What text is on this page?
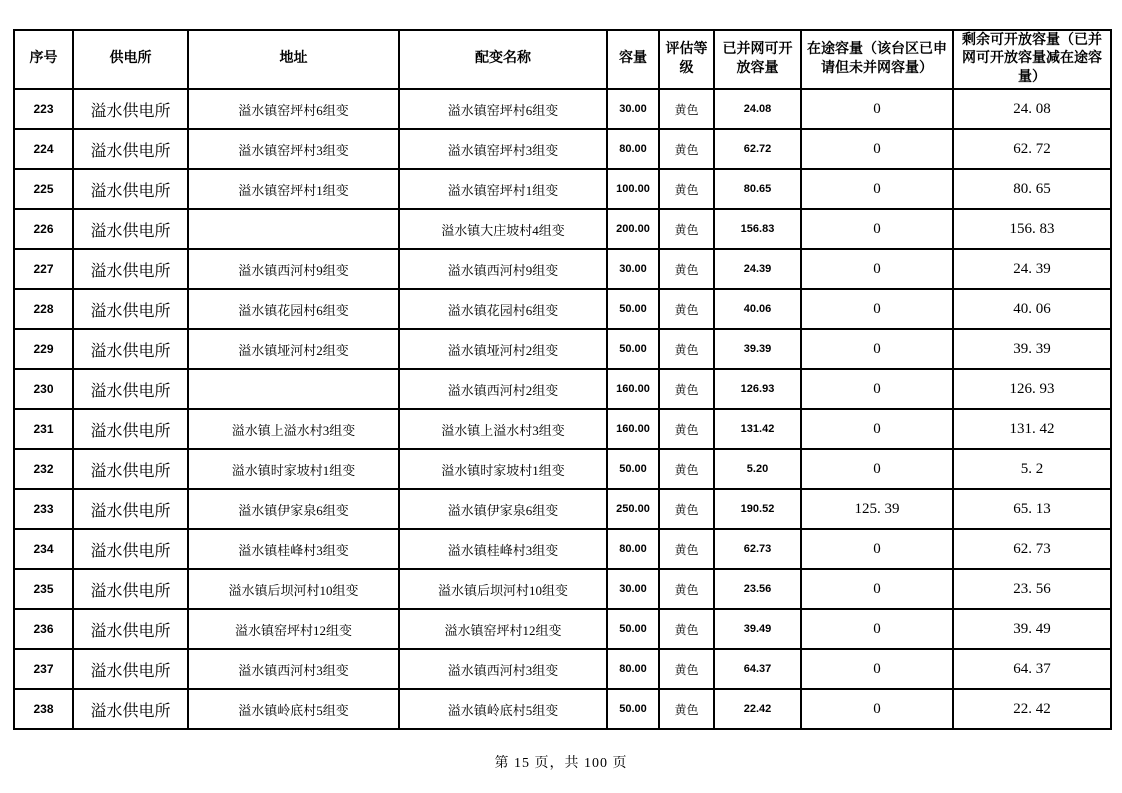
序号	供电所	地址	配变名称	容量	评估等级	已并网可开放容量	在途容量（该台区已申请但未并网容量）	剩余可开放容量（已并网可开放容量减在途容量）
223	溢水供电所	溢水镇窑坪村6组变	溢水镇窑坪村6组变	30.00	黄色	24.08	0	24. 08
224	溢水供电所	溢水镇窑坪村3组变	溢水镇窑坪村3组变	80.00	黄色	62.72	0	62. 72
225	溢水供电所	溢水镇窑坪村1组变	溢水镇窑坪村1组变	100.00	黄色	80.65	0	80. 65
226	溢水供电所		溢水镇大庄坡村4组变	200.00	黄色	156.83	0	156. 83
227	溢水供电所	溢水镇西河村9组变	溢水镇西河村9组变	30.00	黄色	24.39	0	24. 39
228	溢水供电所	溢水镇花园村6组变	溢水镇花园村6组变	50.00	黄色	40.06	0	40. 06
229	溢水供电所	溢水镇垭河村2组变	溢水镇垭河村2组变	50.00	黄色	39.39	0	39. 39
230	溢水供电所		溢水镇西河村2组变	160.00	黄色	126.93	0	126. 93
231	溢水供电所	溢水镇上溢水村3组变	溢水镇上溢水村3组变	160.00	黄色	131.42	0	131. 42
232	溢水供电所	溢水镇时家坡村1组变	溢水镇时家坡村1组变	50.00	黄色	5.20	0	5. 2
233	溢水供电所	溢水镇伊家泉6组变	溢水镇伊家泉6组变	250.00	黄色	190.52	125. 39	65. 13
234	溢水供电所	溢水镇桂峰村3组变	溢水镇桂峰村3组变	80.00	黄色	62.73	0	62. 73
235	溢水供电所	溢水镇后坝河村10组变	溢水镇后坝河村10组变	30.00	黄色	23.56	0	23. 56
236	溢水供电所	溢水镇窑坪村12组变	溢水镇窑坪村12组变	50.00	黄色	39.49	0	39. 49
237	溢水供电所	溢水镇西河村3组变	溢水镇西河村3组变	80.00	黄色	64.37	0	64. 37
238	溢水供电所	溢水镇岭底村5组变	溢水镇岭底村5组变	50.00	黄色	22.42	0	22. 42
第 15 页，共 100 页
